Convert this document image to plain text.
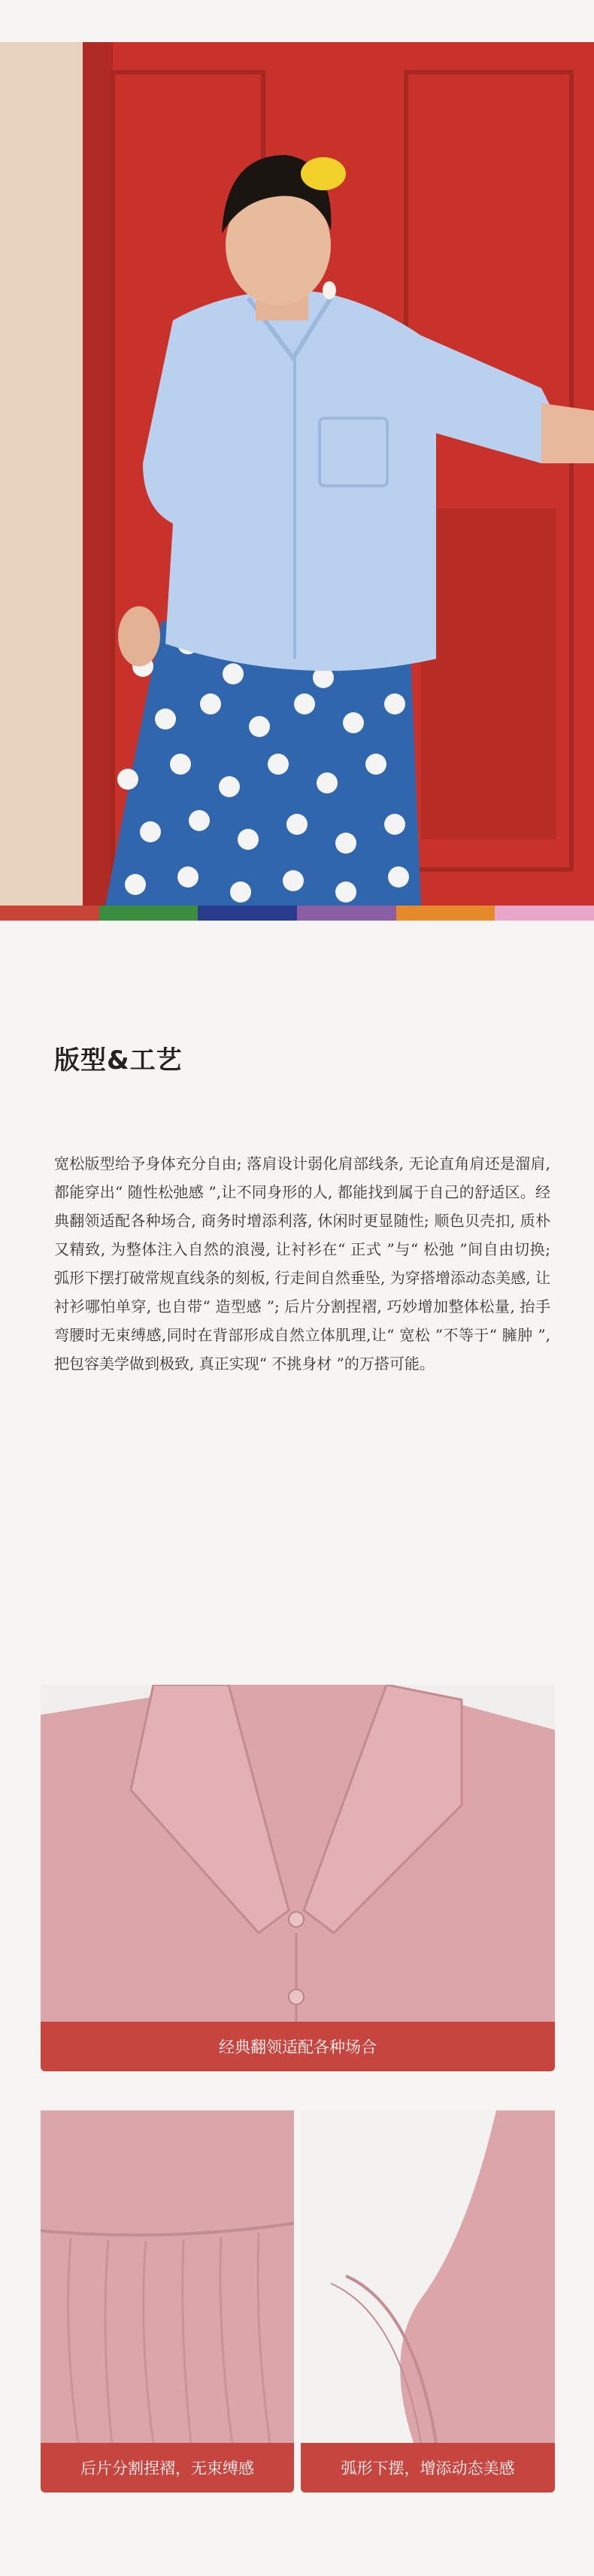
版型&工艺
宽松版型给予身体充分自由; 落肩设计弱化肩部线条, 无论直角肩还是溜肩, 都能穿出“ 随性松弛感 ”,让不同身形的人, 都能找到属于自己的舒适区。经典翻领适配各种场合, 商务时增添利落, 休闲时更显随性; 顺色贝壳扣, 质朴又精致, 为整体注入自然的浪漫, 让衬衫在“ 正式 ”与“ 松弛 ”间自由切换; 弧形下摆打破常规直线条的刻板, 行走间自然垂坠, 为穿搭增添动态美感, 让衬衫哪怕单穿, 也自带“ 造型感 ”; 后片分割捏褶, 巧妙增加整体松量, 抬手 弯腰时无束缚感,同时在背部形成自然立体肌理,让“ 宽松 ”不等于“ 臃肿 ”,把包容美学做到极致, 真正实现“ 不挑身材 ”的万搭可能。
经典翻领适配各种场合
后片分割捏褶，无束缚感	弧形下摆，增添动态美感
